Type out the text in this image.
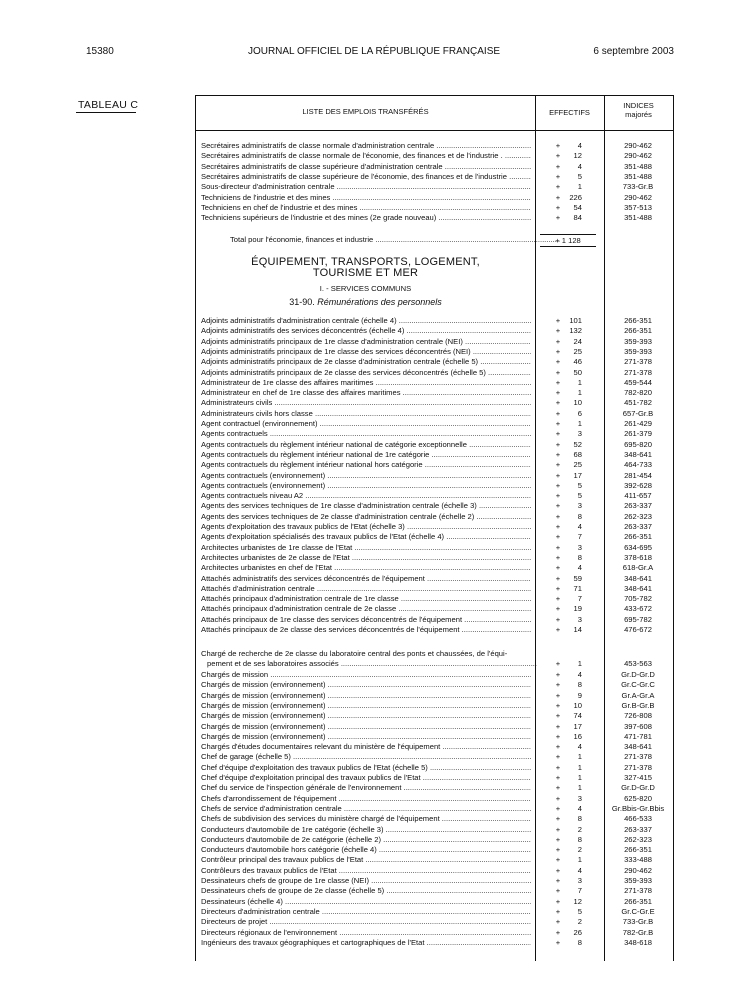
15380	JOURNAL OFFICIEL DE LA RÉPUBLIQUE FRANÇAISE	6 septembre 2003
TABLEAU C
LISTE DES EMPLOIS TRANSFÉRÉS	EFFECTIFS
INDICES
majorés
Secrétaires administratifs de classe normale d'administration centrale .....	+	4	290-462
Secrétaires administratifs de classe normale de l'économie, des finances et de l'industrie . .....	+	12	290-462
Secrétaires administratifs de classe supérieure d'administration centrale .....	+	4	351-488
Secrétaires administratifs de classe supérieure de l'économie, des finances et de l'industrie .....	+	5	351-488
Sous-directeur d'administration centrale .....	+	1	733-Gr.B
Techniciens de l'industrie et des mines .....	+	226	290-462
Techniciens en chef de l'industrie et des mines .....	+	54	357-513
Techniciens supérieurs de l'industrie et des mines (2e grade nouveau) .....	+	84	351-488
Total pour l'économie, finances et industrie .....	+ 1 128
ÉQUIPEMENT, TRANSPORTS, LOGEMENT,
TOURISME ET MER
I. - SERVICES COMMUNS
31-90. Rémunérations des personnels
Adjoints administratifs d'administration centrale (échelle 4) .....	+	101	266-351
Adjoints administratifs des services déconcentrés (échelle 4) .....	+	132	266-351
Adjoints administratifs principaux de 1re classe d'administration centrale (NEI) .....	+	24	359-393
Adjoints administratifs principaux de 1re classe des services déconcentrés (NEI) .....	+	25	359-393
Adjoints administratifs principaux de 2e classe d'administration centrale (échelle 5) .....	+	46	271-378
Adjoints administratifs principaux de 2e classe des services déconcentrés (échelle 5) .....	+	50	271-378
Administrateur de 1re classe des affaires maritimes .....	+	1	459-544
Administrateur en chef de 1re classe des affaires maritimes .....	+	1	782-820
Administrateurs civils .....	+	10	451-782
Administrateurs civils hors classe .....	+	6	657-Gr.B
Agent contractuel (environnement) .....	+	1	261-429
Agents contractuels .....	+	3	261-379
Agents contractuels du règlement intérieur national de catégorie exceptionnelle .....	+	52	695-820
Agents contractuels du règlement intérieur national de 1re catégorie .....	+	68	348-641
Agents contractuels du règlement intérieur national hors catégorie .....	+	25	464-733
Agents contractuels (environnement) .....	+	17	281-454
Agents contractuels (environnement) .....	+	5	392-628
Agents contractuels niveau A2 .....	+	5	411-657
Agents des services techniques de 1re classe d'administration centrale (échelle 3) .....	+	3	263-337
Agents des services techniques de 2e classe d'administration centrale (échelle 2) .....	+	8	262-323
Agents d'exploitation des travaux publics de l'Etat (échelle 3) .....	+	4	263-337
Agents d'exploitation spécialisés des travaux publics de l'Etat (échelle 4) .....	+	7	266-351
Architectes urbanistes de 1re classe de l'Etat .....	+	3	634-695
Architectes urbanistes de 2e classe de l'Etat .....	+	8	378-618
Architectes urbanistes en chef de l'Etat .....	+	4	618-Gr.A
Attachés administratifs des services déconcentrés de l'équipement .....	+	59	348-641
Attachés d'administration centrale .....	+	71	348-641
Attachés principaux d'administration centrale de 1re classe .....	+	7	705-782
Attachés principaux d'administration centrale de 2e classe .....	+	19	433-672
Attachés principaux de 1re classe des services déconcentrés de l'équipement .....	+	3	695-782
Attachés principaux de 2e classe des services déconcentrés de l'équipement .....	+	14	476-672
Chargé de recherche de 2e classe du laboratoire central des ponts et chaussées, de l'équi-
pement et de ses laboratoires associés .....	+	1	453-563
Chargés de mission .....	+	4	Gr.D-Gr.D
Chargés de mission (environnement) .....	+	8	Gr.C-Gr.C
Chargés de mission (environnement) .....	+	9	Gr.A-Gr.A
Chargés de mission (environnement) .....	+	10	Gr.B-Gr.B
Chargés de mission (environnement) .....	+	74	726-808
Chargés de mission (environnement) .....	+	17	397-608
Chargés de mission (environnement) .....	+	16	471-781
Chargés d'études documentaires relevant du ministère de l'équipement .....	+	4	348-641
Chef de garage (échelle 5) .....	+	1	271-378
Chef d'équipe d'exploitation des travaux publics de l'Etat (échelle 5) .....	+	1	271-378
Chef d'équipe d'exploitation principal des travaux publics de l'Etat .....	+	1	327-415
Chef du service de l'inspection générale de l'environnement .....	+	1	Gr.D-Gr.D
Chefs d'arrondissement de l'équipement .....	+	3	625-820
Chefs de service d'administration centrale .....	+	4	Gr.Bbis-Gr.Bbis
Chefs de subdivision des services du ministère chargé de l'équipement .....	+	8	466-533
Conducteurs d'automobile de 1re catégorie (échelle 3) .....	+	2	263-337
Conducteurs d'automobile de 2e catégorie (échelle 2) .....	+	8	262-323
Conducteurs d'automobile hors catégorie (échelle 4) .....	+	2	266-351
Contrôleur principal des travaux publics de l'Etat .....	+	1	333-488
Contrôleurs des travaux publics de l'Etat .....	+	4	290-462
Dessinateurs chefs de groupe de 1re classe (NEI) .....	+	3	359-393
Dessinateurs chefs de groupe de 2e classe (échelle 5) .....	+	7	271-378
Dessinateurs (échelle 4) .....	+	12	266-351
Directeurs d'administration centrale .....	+	5	Gr.C-Gr.E
Directeurs de projet .....	+	2	733-Gr.B
Directeurs régionaux de l'environnement .....	+	26	782-Gr.B
Ingénieurs des travaux géographiques et cartographiques de l'Etat .....	+	8	348-618
